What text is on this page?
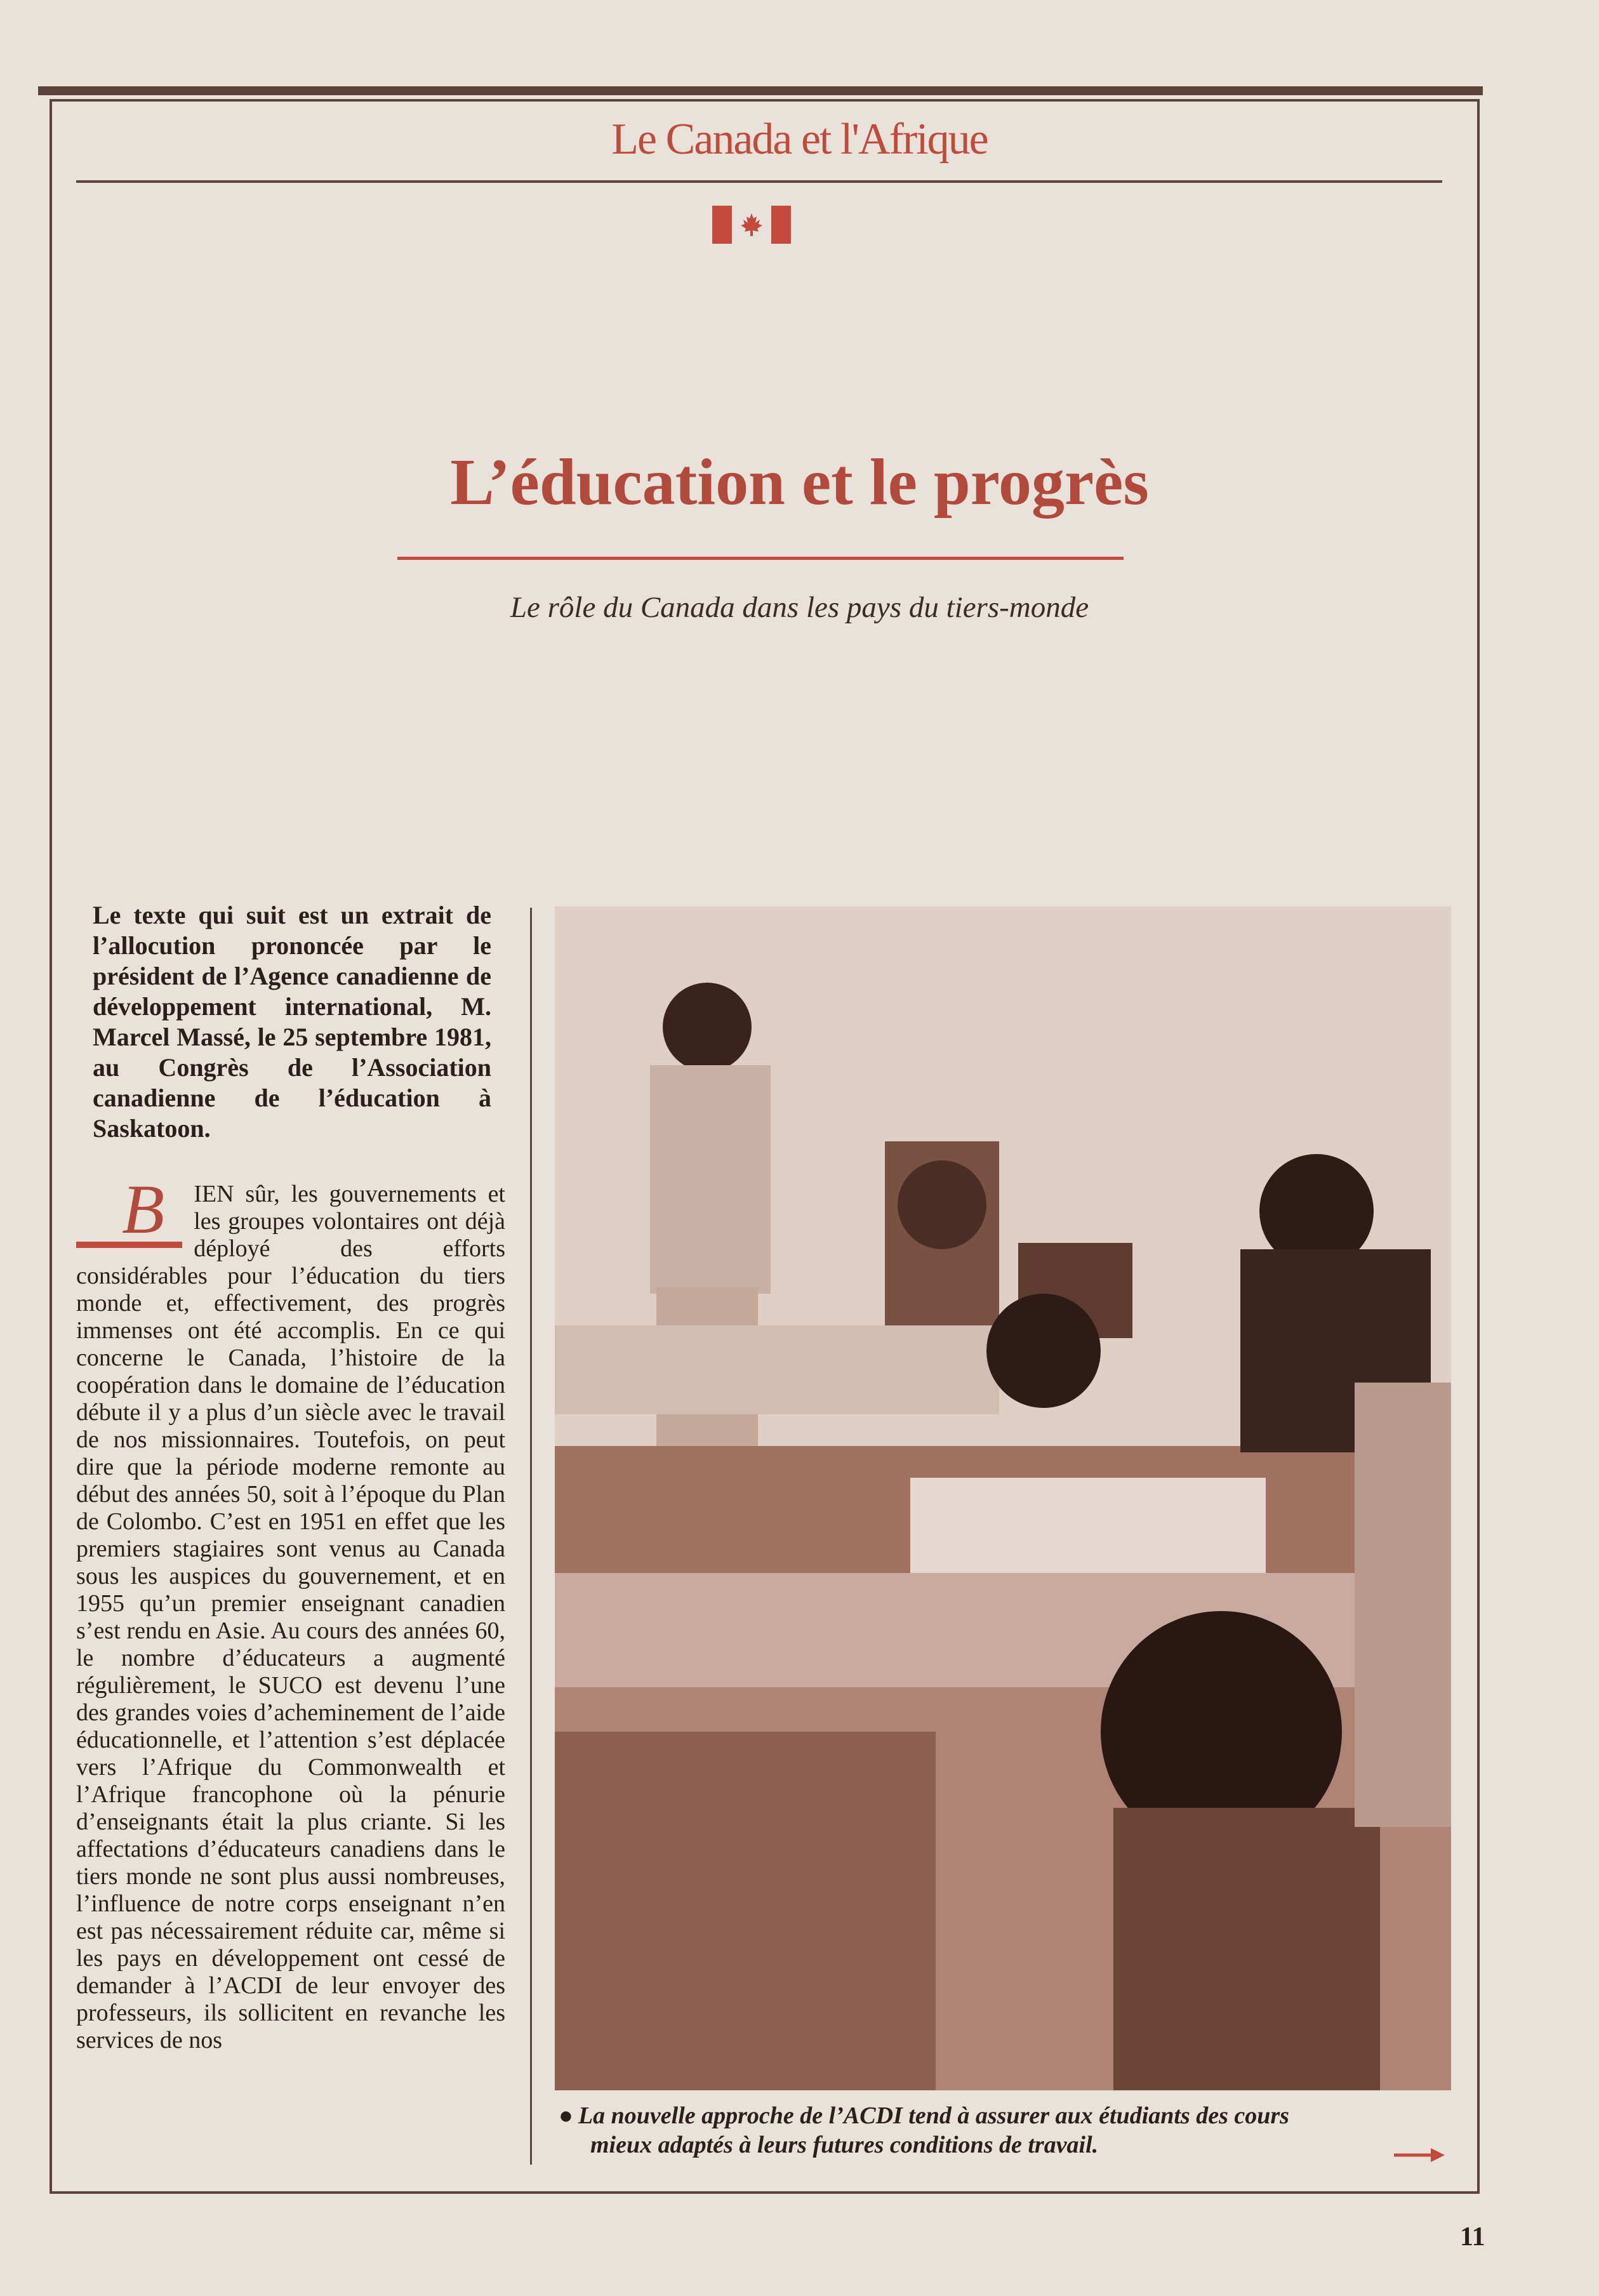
Le Canada et l'Afrique
L’éducation et le progrès
Le rôle du Canada dans les pays du tiers-monde
Le texte qui suit est un extrait de l’allocution prononcée par le président de l’Agence canadienne de développement international, M. Marcel Massé, le 25 septembre 1981, au Congrès de l’Association canadienne de l’éducation à Saskatoon.
B	IEN sûr, les gouvernements et les groupes volontaires ont déjà déployé des efforts considérables pour l’éducation du tiers monde et, effectivement, des progrès immenses ont été accomplis. En ce qui concerne le Canada, l’histoire de la coopération dans le domaine de l’éducation débute il y a plus d’un siècle avec le travail de nos missionnaires. Toutefois, on peut dire que la période moderne remonte au début des années 50, soit à l’époque du Plan de Colombo. C’est en 1951 en effet que les premiers stagiaires sont venus au Canada sous les auspices du gouvernement, et en 1955 qu’un premier enseignant canadien s’est rendu en Asie. Au cours des années 60, le nombre d’éducateurs a augmenté régulièrement, le SUCO est devenu l’une des grandes voies d’acheminement de l’aide éducationnelle, et l’attention s’est déplacée vers l’Afrique du Commonwealth et l’Afrique francophone où la pénurie d’enseignants était la plus criante. Si les affectations d’éducateurs canadiens dans le tiers monde ne sont plus aussi nombreuses, l’influence de notre corps enseignant n’en est pas nécessairement réduite car, même si les pays en développement ont cessé de demander à l’ACDI de leur envoyer des professeurs, ils sollicitent en revanche les services de nos
● La nouvelle approche de l’ACDI tend à assurer aux étudiants des cours
mieux adaptés à leurs futures conditions de travail.
11
